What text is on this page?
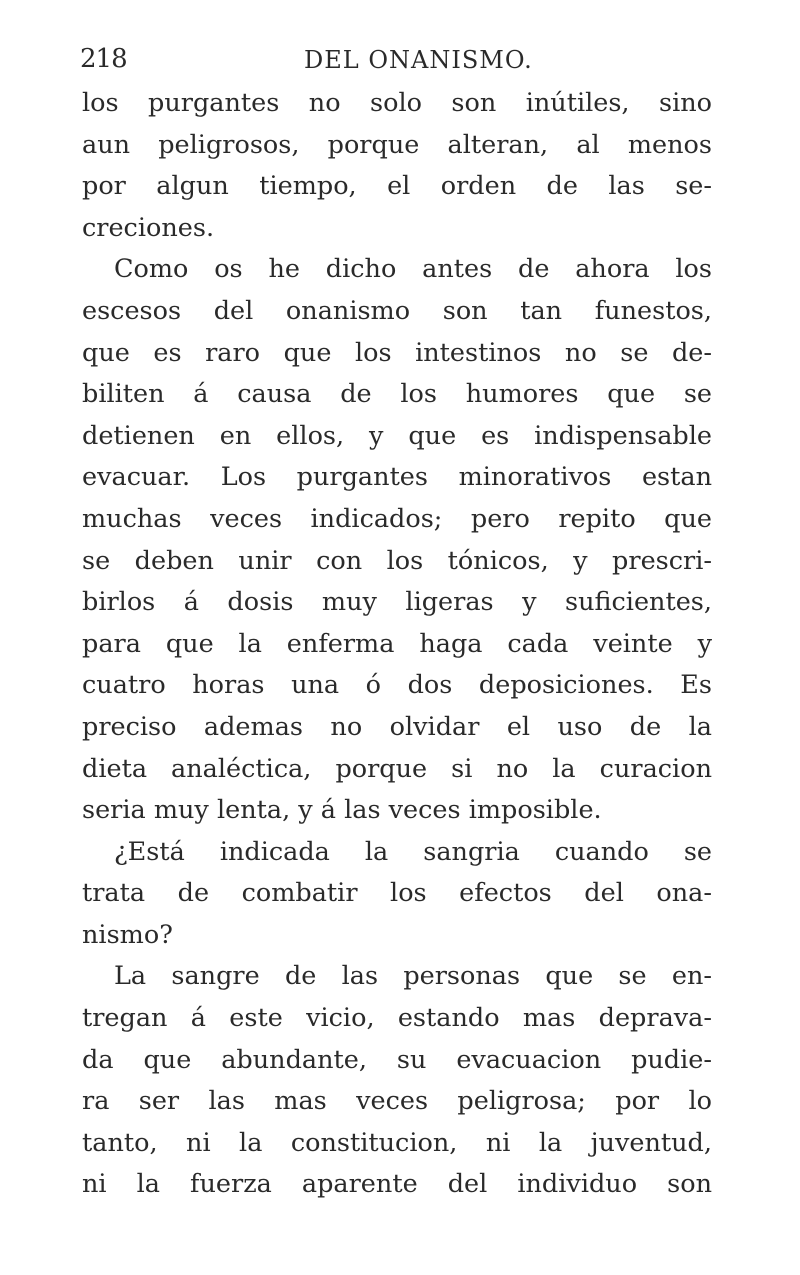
218	DEL ONANISMO.
los purgantes no solo son inútiles, sino
aun peligrosos, porque alteran, al menos
por algun tiempo, el orden de las se-
creciones.
Como os he dicho antes de ahora los
escesos del onanismo son tan funestos,
que es raro que los intestinos no se de-
biliten á causa de los humores que se
detienen en ellos, y que es indispensable
evacuar. Los purgantes minorativos estan
muchas veces indicados; pero repito que
se deben unir con los tónicos, y prescri-
birlos á dosis muy ligeras y suficientes,
para que la enferma haga cada veinte y
cuatro horas una ó dos deposiciones. Es
preciso ademas no olvidar el uso de la
dieta analéctica, porque si no la curacion
seria muy lenta, y á las veces imposible.
¿Está indicada la sangria cuando se
trata de combatir los efectos del ona-
nismo?
La sangre de las personas que se en-
tregan á este vicio, estando mas deprava-
da que abundante, su evacuacion pudie-
ra ser las mas veces peligrosa; por lo
tanto, ni la constitucion, ni la juventud,
ni la fuerza aparente del individuo son
